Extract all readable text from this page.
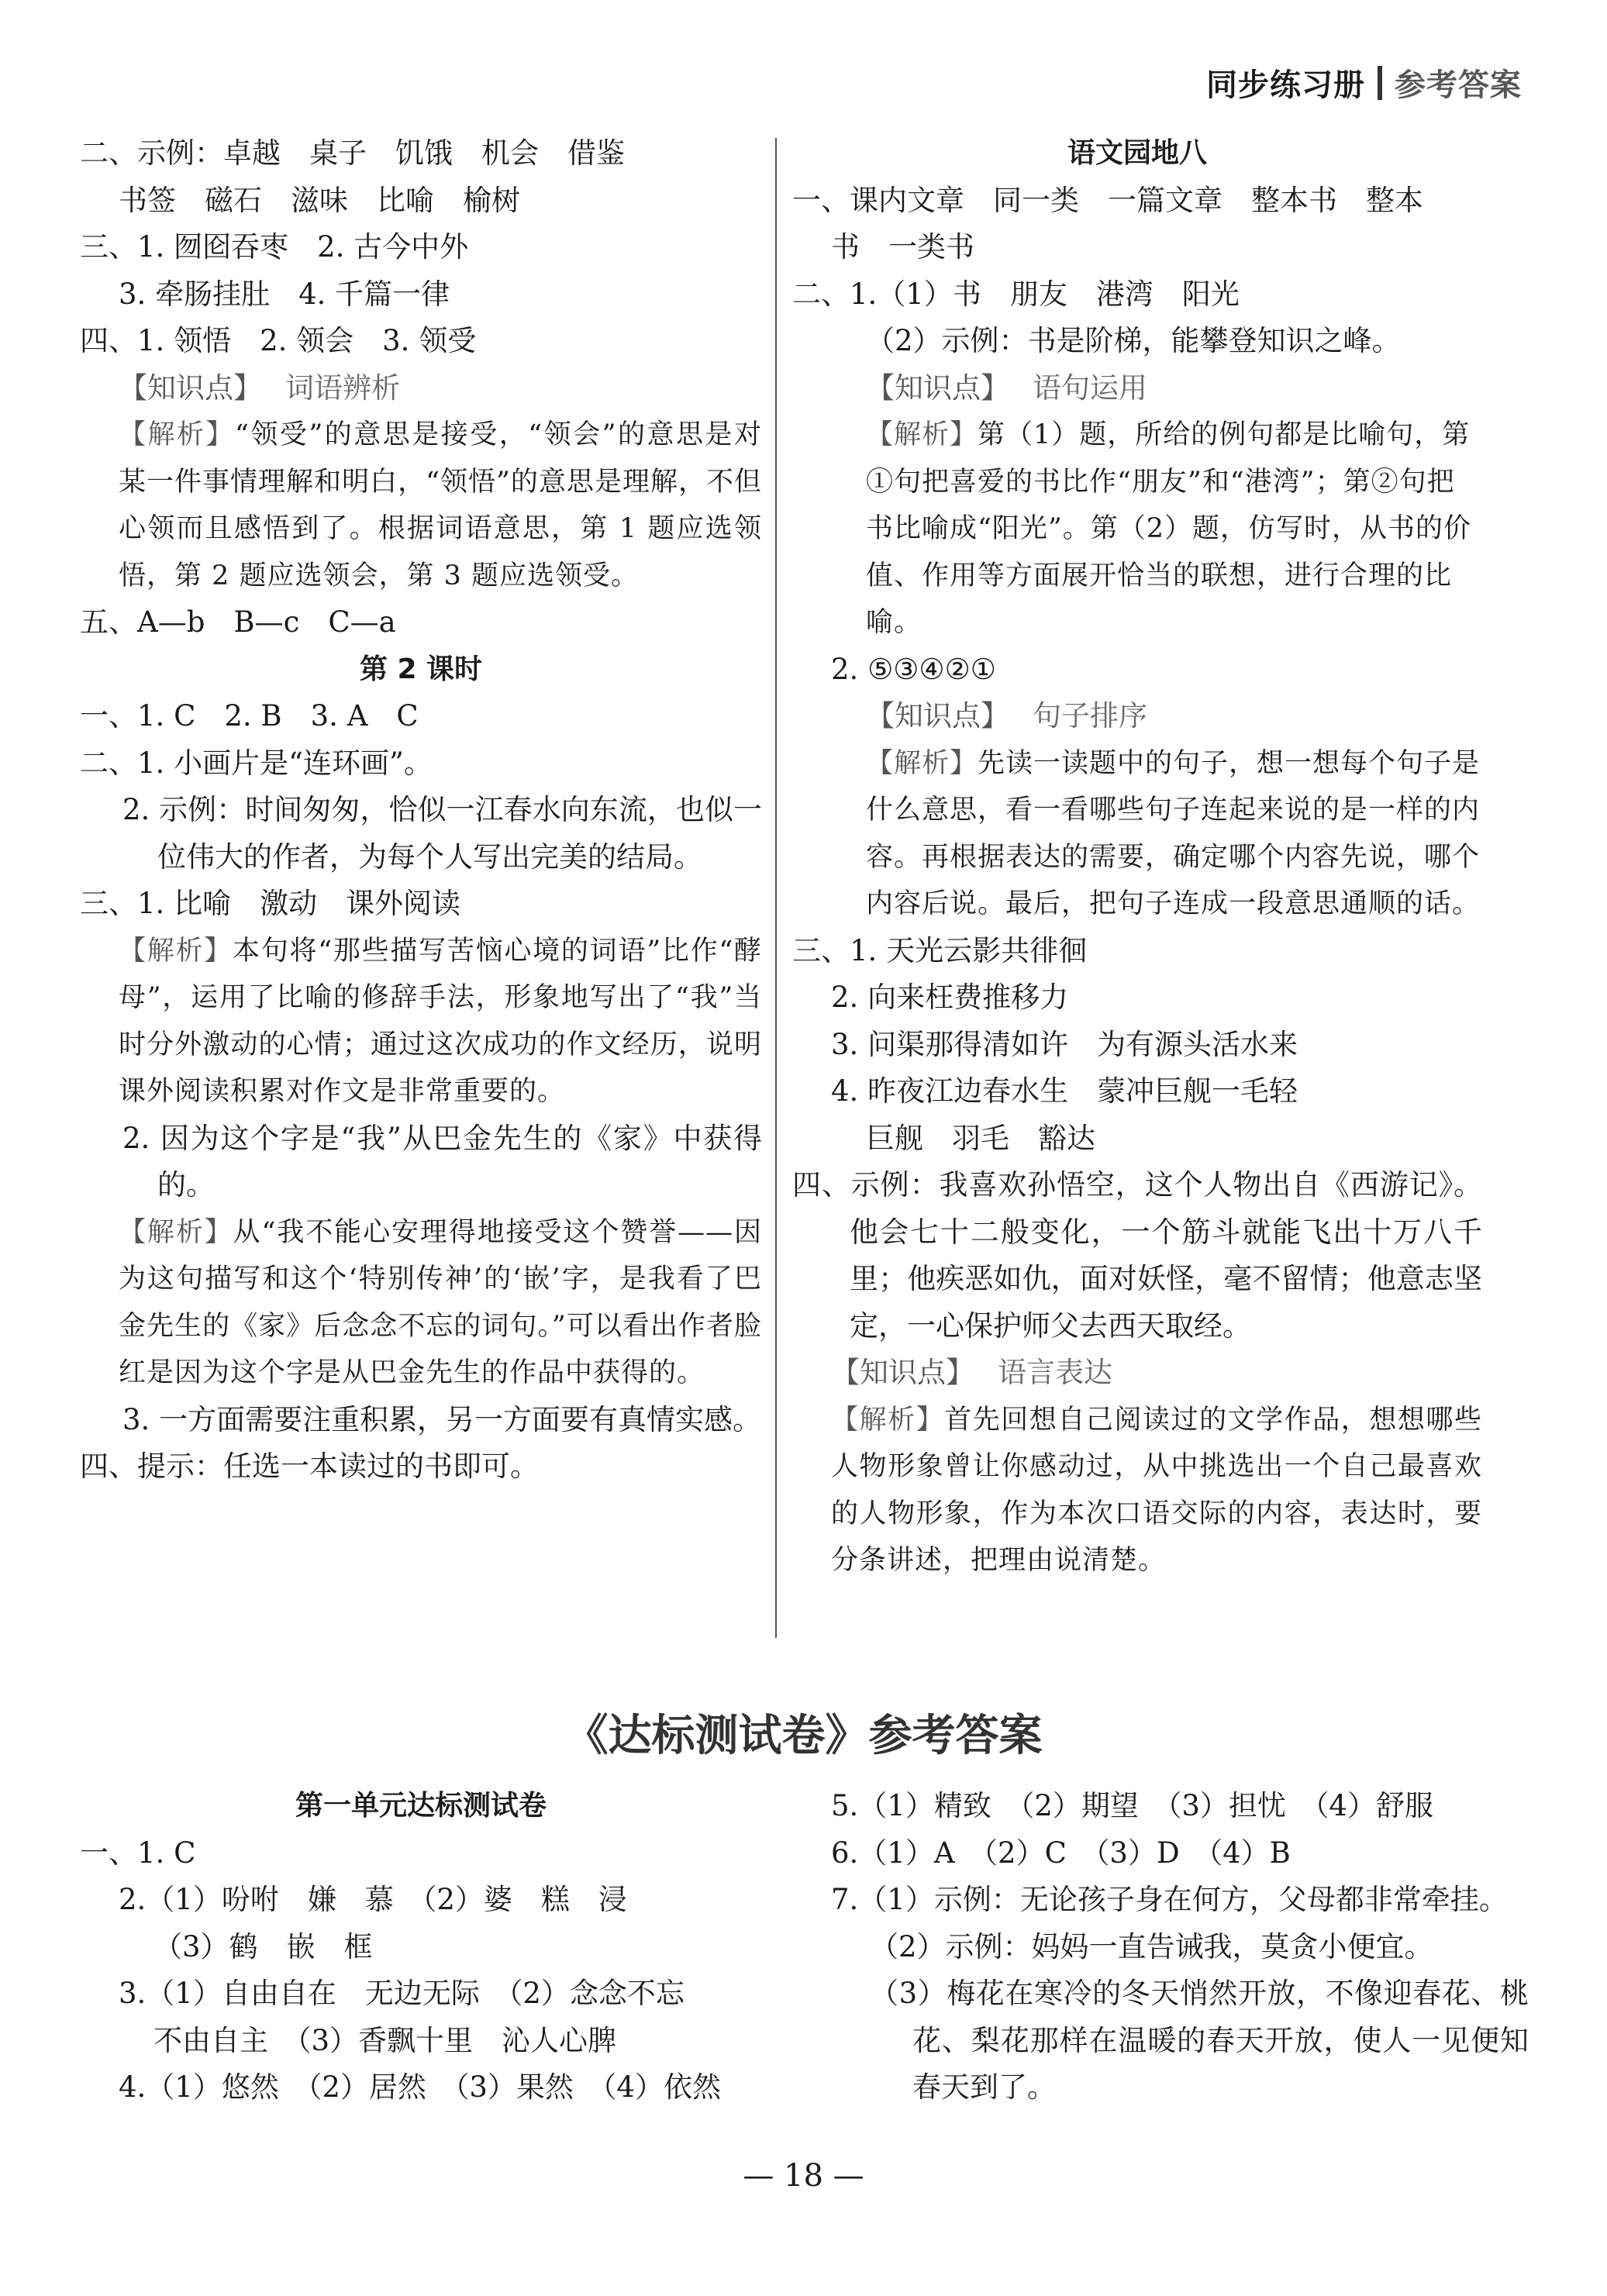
同步练习册 参考答案
二、示例：卓越　桌子　饥饿　机会　借鉴
书签　磁石　滋味　比喻　榆树
三、1. 囫囵吞枣　2. 古今中外
3. 牵肠挂肚　4. 千篇一律
四、1. 领悟　2. 领会　3. 领受
【知识点】 词语辨析
【解析】“领受”的意思是接受，“领会”的意思是对某一件事情理解和明白，“领悟”的意思是理解，不但心领而且感悟到了。根据词语意思，第 1 题应选领悟，第 2 题应选领会，第 3 题应选领受。
五、A—b　B—c　C—a
第 2 课时
一、1. C　2. B　3. A　C
二、1. 小画片是“连环画”。
2. 示例：时间匆匆，恰似一江春水向东流，也似一位伟大的作者，为每个人写出完美的结局。
三、1. 比喻　激动　课外阅读
【解析】本句将“那些描写苦恼心境的词语”比作“酵母”，运用了比喻的修辞手法，形象地写出了“我”当时分外激动的心情；通过这次成功的作文经历，说明课外阅读积累对作文是非常重要的。
2. 因为这个字是“我”从巴金先生的《家》中获得的。
【解析】从“我不能心安理得地接受这个赞誉——因为这句描写和这个‘特别传神’的‘嵌’字，是我看了巴金先生的《家》后念念不忘的词句。”可以看出作者脸红是因为这个字是从巴金先生的作品中获得的。
3. 一方面需要注重积累，另一方面要有真情实感。
四、提示：任选一本读过的书即可。
语文园地八
一、课内文章　同一类　一篇文章　整本书　整本
书　一类书
二、1.（1）书　朋友　港湾　阳光
（2）示例：书是阶梯，能攀登知识之峰。
【知识点】 语句运用
【解析】第（1）题，所给的例句都是比喻句，第①句把喜爱的书比作“朋友”和“港湾”；第②句把书比喻成“阳光”。第（2）题，仿写时，从书的价值、作用等方面展开恰当的联想，进行合理的比喻。
2. ⑤③④②①
【知识点】 句子排序
【解析】先读一读题中的句子，想一想每个句子是什么意思，看一看哪些句子连起来说的是一样的内容。再根据表达的需要，确定哪个内容先说，哪个内容后说。最后，把句子连成一段意思通顺的话。
三、1. 天光云影共徘徊
2. 向来枉费推移力
3. 问渠那得清如许　为有源头活水来
4. 昨夜江边春水生　蒙冲巨舰一毛轻
巨舰　羽毛　豁达
四、示例：我喜欢孙悟空，这个人物出自《西游记》。他会七十二般变化，一个筋斗就能飞出十万八千里；他疾恶如仇，面对妖怪，毫不留情；他意志坚定，一心保护师父去西天取经。
【知识点】 语言表达
【解析】首先回想自己阅读过的文学作品，想想哪些人物形象曾让你感动过，从中挑选出一个自己最喜欢的人物形象，作为本次口语交际的内容，表达时，要分条讲述，把理由说清楚。
《达标测试卷》参考答案
第一单元达标测试卷
一、1. C
2.（1）吩咐　嫌　慕　（2）婆　糕　浸
（3）鹤　嵌　框
3.（1）自由自在　无边无际　（2）念念不忘
不由自主　（3）香飘十里　沁人心脾
4.（1）悠然　（2）居然　（3）果然　（4）依然
5.（1）精致　（2）期望　（3）担忧　（4）舒服
6.（1）A　（2）C　（3）D　（4）B
7.（1）示例：无论孩子身在何方，父母都非常牵挂。
（2）示例：妈妈一直告诫我，莫贪小便宜。
（3）梅花在寒冷的冬天悄然开放，不像迎春花、桃花、梨花那样在温暖的春天开放，使人一见便知春天到了。
— 18 —
